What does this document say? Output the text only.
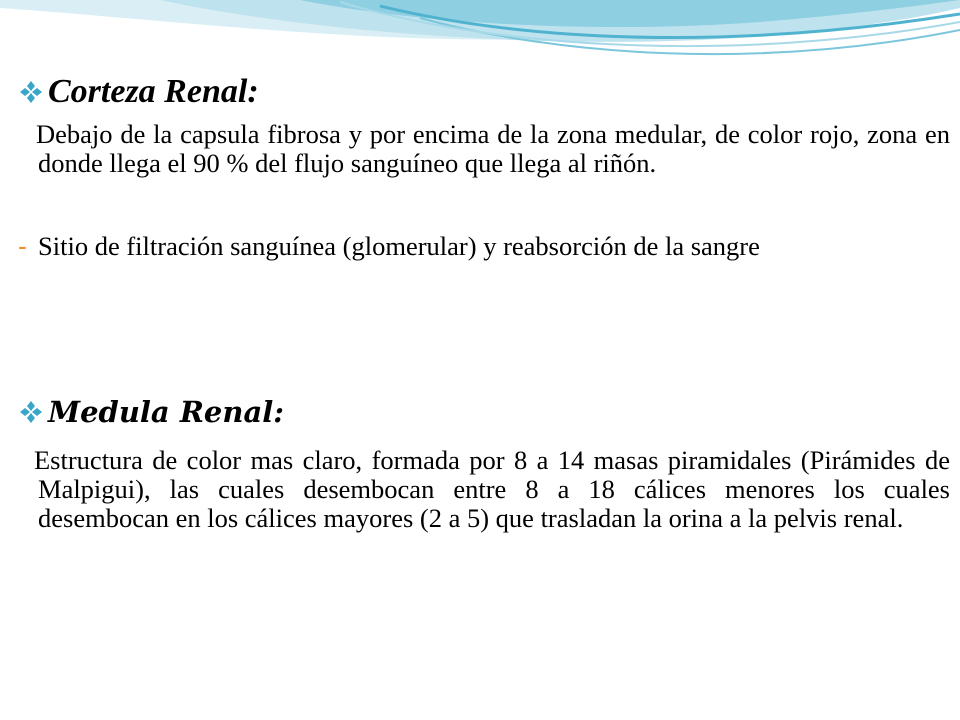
Corteza Renal :
Debajo de la capsula fibrosa y por encima de la zona medular, de color rojo, zona en donde llega el 90 % del flujo sanguíneo que llega al riñón.
- Sitio de filtración sanguínea (glomerular) y reabsorción de la sangre
Medula Renal :
Estructura de color mas claro, formada por 8 a 14 masas piramidales (Pirámides de Malpigui), las cuales desembocan entre 8 a 18 cálices menores los cuales desembocan en los cálices mayores (2 a 5) que trasladan la orina a la pelvis renal.
